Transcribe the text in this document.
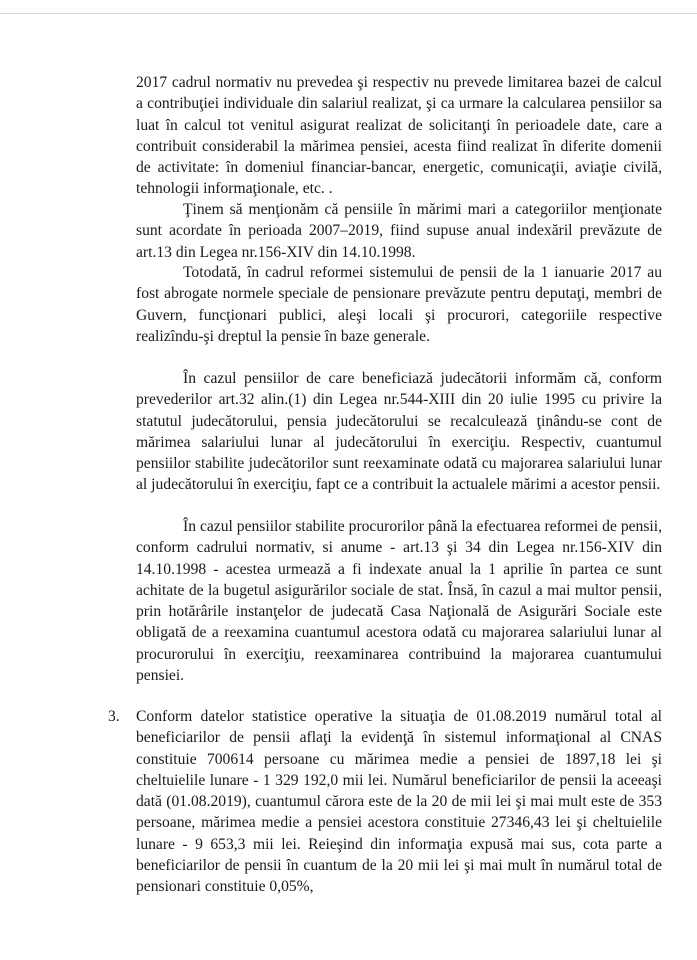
2017 cadrul normativ nu prevedea şi respectiv nu prevede limitarea bazei de calcul a contribuţiei individuale din salariul realizat, şi ca urmare la calcularea pensiilor sa luat în calcul tot venitul asigurat realizat de solicitanţi în perioadele date, care a contribuit considerabil la mărimea pensiei, acesta fiind realizat în diferite domenii de activitate: în domeniul financiar-bancar, energetic, comunicaţii, aviaţie civilă, tehnologii informaţionale, etc. .

Ţinem să menţionăm că pensiile în mărimi mari a categoriilor menţionate sunt acordate în perioada 2007–2019, fiind supuse anual indexăril prevăzute de art.13 din Legea nr.156-XIV din 14.10.1998.

Totodată, în cadrul reformei sistemului de pensii de la 1 ianuarie 2017 au fost abrogate normele speciale de pensionare prevăzute pentru deputaţi, membri de Guvern, funcţionari publici, aleşi locali şi procurori, categoriile respective realizîndu-şi dreptul la pensie în baze generale.

În cazul pensiilor de care beneficiază judecătorii informăm că, conform prevederilor art.32 alin.(1) din Legea nr.544-XIII din 20 iulie 1995 cu privire la statutul judecătorului, pensia judecătorului se recalculează ţinându-se cont de mărimea salariului lunar al judecătorului în exerciţiu. Respectiv, cuantumul pensiilor stabilite judecătorilor sunt reexaminate odată cu majorarea salariului lunar al judecătorului în exerciţiu, fapt ce a contribuit la actualele mărimi a acestor pensii.

În cazul pensiilor stabilite procurorilor până la efectuarea reformei de pensii, conform cadrului normativ, si anume - art.13 şi 34 din Legea nr.156-XIV din 14.10.1998 - acestea urmează a fi indexate anual la 1 aprilie în partea ce sunt achitate de la bugetul asigurărilor sociale de stat. Însă, în cazul a mai multor pensii, prin hotărârile instanţelor de judecată Casa Naţională de Asigurări Sociale este obligată de a reexamina cuantumul acestora odată cu majorarea salariului lunar al procurorului în exerciţiu, reexaminarea contribuind la majorarea cuantumului pensiei.

3. Conform datelor statistice operative la situaţia de 01.08.2019 numărul total al beneficiarilor de pensii aflaţi la evidenţă în sistemul informaţional al CNAS constituie 700614 persoane cu mărimea medie a pensiei de 1897,18 lei şi cheltuielile lunare - 1 329 192,0 mii lei. Numărul beneficiarilor de pensii la aceeaşi dată (01.08.2019), cuantumul cărora este de la 20 de mii lei şi mai mult este de 353 persoane, mărimea medie a pensiei acestora constituie 27346,43 lei şi cheltuielile lunare - 9 653,3 mii lei. Reieşind din informaţia expusă mai sus, cota parte a beneficiarilor de pensii în cuantum de la 20 mii lei şi mai mult în numărul total de pensionari constituie 0,05%,
